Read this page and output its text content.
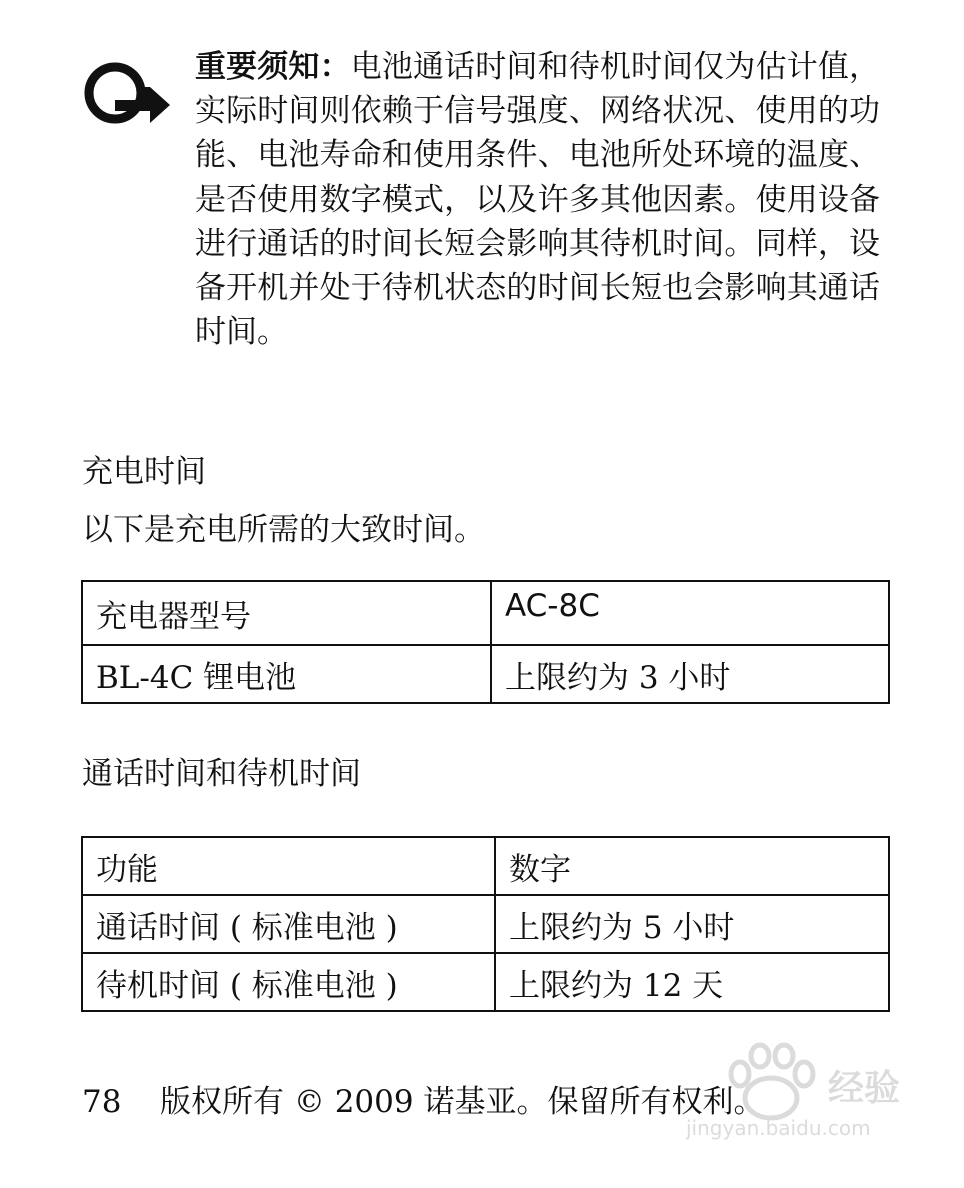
重要须知：电池通话时间和待机时间仅为估计值，实际时间则依赖于信号强度、网络状况、使用的功能、电池寿命和使用条件、电池所处环境的温度、是否使用数字模式，以及许多其他因素。使用设备进行通话的时间长短会影响其待机时间。同样，设备开机并处于待机状态的时间长短也会影响其通话时间。
充电时间
以下是充电所需的大致时间。
充电器型号	AC-8C
BL-4C 锂电池	上限约为 3 小时
通话时间和待机时间
功能	数字
通话时间 ( 标准电池 )	上限约为 5 小时
待机时间 ( 标准电池 )	上限约为 12 天
78 版权所有 © 2009 诺基亚。保留所有权利。 经验
jingyan.baidu.com
